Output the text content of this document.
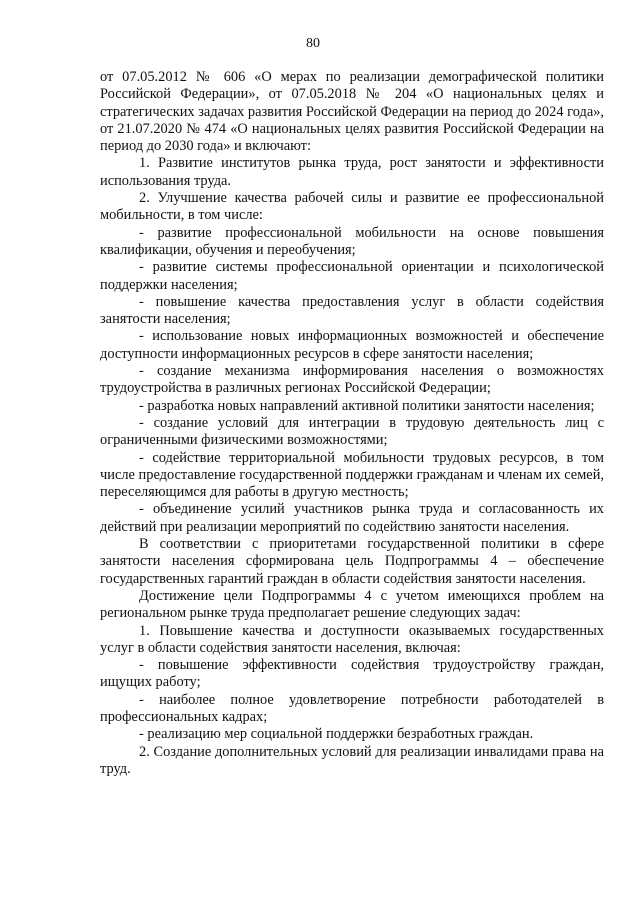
80

от 07.05.2012 № 606 «О мерах по реализации демографической политики Российской Федерации», от 07.05.2018 № 204 «О национальных целях и стратегических задачах развития Российской Федерации на период до 2024 года», от 21.07.2020 № 474 «О национальных целях развития Российской Федерации на период до 2030 года» и включают:

1. Развитие институтов рынка труда, рост занятости и эффективности использования труда.

2. Улучшение качества рабочей силы и развитие ее профессиональной мобильности, в том числе:

- развитие профессиональной мобильности на основе повышения квалификации, обучения и переобучения;

- развитие системы профессиональной ориентации и психологической поддержки населения;

- повышение качества предоставления услуг в области содействия занятости населения;

- использование новых информационных возможностей и обеспечение доступности информационных ресурсов в сфере занятости населения;

- создание механизма информирования населения о возможностях трудоустройства в различных регионах Российской Федерации;

- разработка новых направлений активной политики занятости населения;

- создание условий для интеграции в трудовую деятельность лиц с ограниченными физическими возможностями;

- содействие территориальной мобильности трудовых ресурсов, в том числе предоставление государственной поддержки гражданам и членам их семей, переселяющимся для работы в другую местность;

- объединение усилий участников рынка труда и согласованность их действий при реализации мероприятий по содействию занятости населения.

В соответствии с приоритетами государственной политики в сфере занятости населения сформирована цель Подпрограммы 4 – обеспечение государственных гарантий граждан в области содействия занятости населения.

Достижение цели Подпрограммы 4 с учетом имеющихся проблем на региональном рынке труда предполагает решение следующих задач:

1. Повышение качества и доступности оказываемых государственных услуг в области содействия занятости населения, включая:

- повышение эффективности содействия трудоустройству граждан, ищущих работу;

- наиболее полное удовлетворение потребности работодателей в профессиональных кадрах;

- реализацию мер социальной поддержки безработных граждан.

2. Создание дополнительных условий для реализации инвалидами права на труд.
